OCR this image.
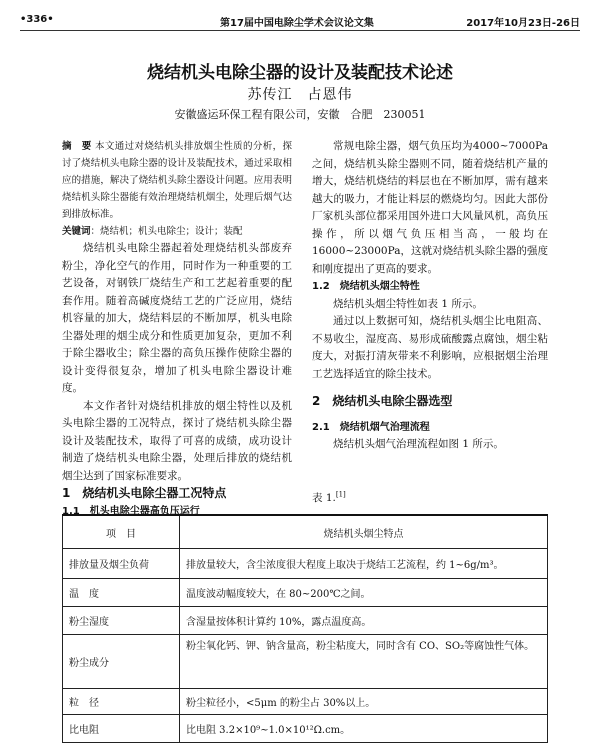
•336•	第17届中国电除尘学术会议论文集	2017年10月23日-26日
烧结机头电除尘器的设计及装配技术论述
苏传江　占恩伟
安徽盛运环保工程有限公司，安徽　合肥　230051

摘　要 本文通过对烧结机头排放烟尘性质的分析，探讨了烧结机头电除尘器的设计及装配技术，通过采取相应的措施，解决了烧结机头除尘器设计问题。应用表明烧结机头除尘器能有效治理烧结机烟尘，处理后烟气达到排放标准。

关键词：烧结机；机头电除尘；设计；装配

烧结机头电除尘器起着处理烧结机头部废弃粉尘，净化空气的作用，同时作为一种重要的工艺设备，对钢铁厂烧结生产和工艺起着重要的配套作用。随着高碱度烧结工艺的广泛应用，烧结机容量的加大，烧结料层的不断加厚，机头电除尘器处理的烟尘成分和性质更加复杂，更加不利于除尘器收尘；除尘器的高负压操作使除尘器的设计变得很复杂，增加了机头电除尘器设计难度。

本文作者针对烧结机排放的烟尘特性以及机头电除尘器的工况特点，探讨了烧结机头除尘器设计及装配技术，取得了可喜的成绩，成功设计制造了烧结机头电除尘器，处理后排放的烧结机烟尘达到了国家标准要求。

1　烧结机头电除尘器工况特点
1.1　机头电除尘器高负压运行

常规电除尘器，烟气负压均为4000~7000Pa之间，烧结机头除尘器则不同，随着烧结机产量的增大，烧结机烧结的料层也在不断加厚，需有越来越大的吸力，才能让料层的燃烧均匀。因此大部份厂家机头部位都采用国外进口大风量风机，高负压操作，所以烟气负压相当高，一般均在16000~23000Pa，这就对烧结机头除尘器的强度和刚度提出了更高的要求。

1.2　烧结机头烟尘特性

烧结机头烟尘特性如表 1 所示。

通过以上数据可知，烧结机头烟尘比电阻高、不易收尘，湿度高、易形成硫酸露点腐蚀，烟尘粘度大，对振打清灰带来不利影响，应根据烟尘治理工艺选择适宜的除尘技术。

2　烧结机头电除尘器选型

2.1　烧结机烟气治理流程

烧结机头烟气治理流程如图 1 所示。

表 1.[1]
项　目	烧结机头烟尘特点
排放量及烟尘负荷	排放量较大，含尘浓度很大程度上取决于烧结工艺流程，约 1~6g/m³。
温　度	温度波动幅度较大，在 80~200℃之间。
粉尘湿度	含湿量按体积计算约 10%，露点温度高。
粉尘成分	粉尘氧化钙、钾、钠含量高，粉尘粘度大，同时含有 CO、SO₂等腐蚀性气体。
粒　径	粉尘粒径小，<5μm 的粉尘占 30%以上。
比电阻	比电阻 3.2×10⁹~1.0×10¹²Ω.cm。
